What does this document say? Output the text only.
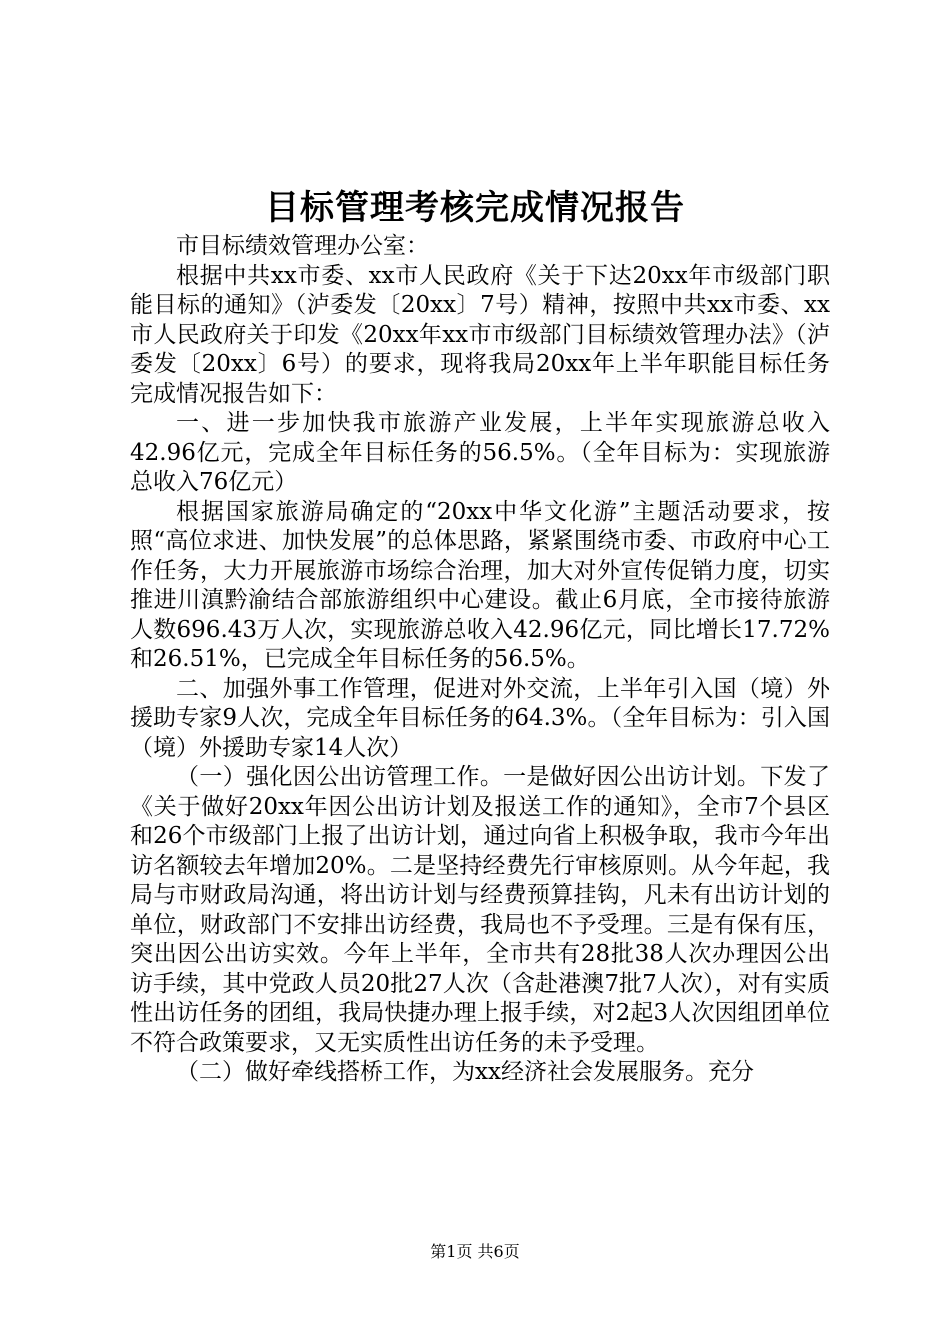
目标管理考核完成情况报告

市目标绩效管理办公室：

根据中共xx市委、xx市人民政府《关于下达20xx年市级部门职能目标的通知》（泸委发〔20xx〕7号）精神，按照中共xx市委、xx市人民政府关于印发《20xx年xx市市级部门目标绩效管理办法》（泸委发〔20xx〕6号）的要求，现将我局20xx年上半年职能目标任务完成情况报告如下：

一、进一步加快我市旅游产业发展，上半年实现旅游总收入42.96亿元，完成全年目标任务的56.5%。（全年目标为：实现旅游总收入76亿元）

根据国家旅游局确定的“20xx中华文化游”主题活动要求，按照“高位求进、加快发展”的总体思路，紧紧围绕市委、市政府中心工作任务，大力开展旅游市场综合治理，加大对外宣传促销力度，切实推进川滇黔渝结合部旅游组织中心建设。截止6月底，全市接待旅游人数696.43万人次，实现旅游总收入42.96亿元，同比增长17.72%和26.51%，已完成全年目标任务的56.5%。

二、加强外事工作管理，促进对外交流，上半年引入国（境）外援助专家9人次，完成全年目标任务的64.3%。（全年目标为：引入国（境）外援助专家14人次）

（一）强化因公出访管理工作。一是做好因公出访计划。下发了《关于做好20xx年因公出访计划及报送工作的通知》，全市7个县区和26个市级部门上报了出访计划，通过向省上积极争取，我市今年出访名额较去年增加20%。二是坚持经费先行审核原则。从今年起，我局与市财政局沟通，将出访计划与经费预算挂钩，凡未有出访计划的单位，财政部门不安排出访经费，我局也不予受理。三是有保有压，突出因公出访实效。今年上半年，全市共有28批38人次办理因公出访手续，其中党政人员20批27人次（含赴港澳7批7人次），对有实质性出访任务的团组，我局快捷办理上报手续，对2起3人次因组团单位不符合政策要求，又无实质性出访任务的未予受理。

（二）做好牵线搭桥工作，为xx经济社会发展服务。充分

第1页 共6页
